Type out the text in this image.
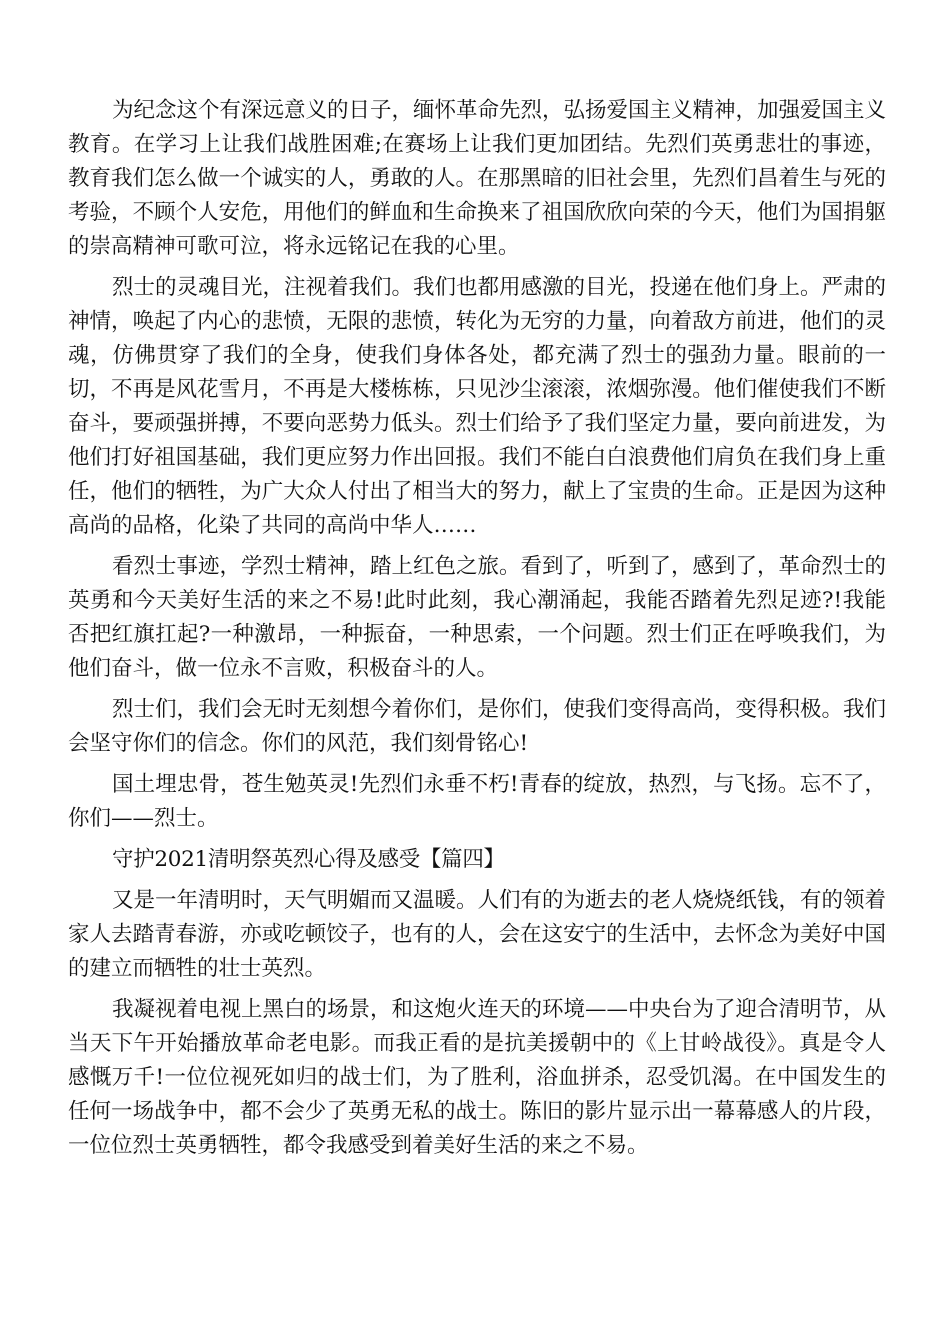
为纪念这个有深远意义的日子，缅怀革命先烈，弘扬爱国主义精神，加强爱国主义教育。在学习上让我们战胜困难;在赛场上让我们更加团结。先烈们英勇悲壮的事迹，教育我们怎么做一个诚实的人，勇敢的人。在那黑暗的旧社会里，先烈们昌着生与死的考验，不顾个人安危，用他们的鲜血和生命换来了祖国欣欣向荣的今天，他们为国捐躯的崇高精神可歌可泣，将永远铭记在我的心里。

烈士的灵魂目光，注视着我们。我们也都用感激的目光，投递在他们身上。严肃的神情，唤起了内心的悲愤，无限的悲愤，转化为无穷的力量，向着敌方前进，他们的灵魂，仿佛贯穿了我们的全身，使我们身体各处，都充满了烈士的强劲力量。眼前的一切，不再是风花雪月，不再是大楼栋栋，只见沙尘滚滚，浓烟弥漫。他们催使我们不断奋斗，要顽强拼搏，不要向恶势力低头。烈士们给予了我们坚定力量，要向前进发，为他们打好祖国基础，我们更应努力作出回报。我们不能白白浪费他们肩负在我们身上重任，他们的牺牲，为广大众人付出了相当大的努力，献上了宝贵的生命。正是因为这种高尚的品格，化染了共同的高尚中华人……

看烈士事迹，学烈士精神，踏上红色之旅。看到了，听到了，感到了，革命烈士的英勇和今天美好生活的来之不易!此时此刻，我心潮涌起，我能否踏着先烈足迹?!我能否把红旗扛起?一种激昂，一种振奋，一种思索，一个问题。烈士们正在呼唤我们，为他们奋斗，做一位永不言败，积极奋斗的人。

烈士们，我们会无时无刻想今着你们，是你们，使我们变得高尚，变得积极。我们会坚守你们的信念。你们的风范，我们刻骨铭心!

国土埋忠骨，苍生勉英灵!先烈们永垂不朽!青春的绽放，热烈，与飞扬。忘不了，你们——烈士。

守护2021清明祭英烈心得及感受【篇四】

又是一年清明时，天气明媚而又温暖。人们有的为逝去的老人烧烧纸钱，有的领着家人去踏青春游，亦或吃顿饺子，也有的人，会在这安宁的生活中，去怀念为美好中国的建立而牺牲的壮士英烈。

我凝视着电视上黑白的场景，和这炮火连天的环境——中央台为了迎合清明节，从当天下午开始播放革命老电影。而我正看的是抗美援朝中的《上甘岭战役》。真是令人感慨万千!一位位视死如归的战士们，为了胜利，浴血拼杀，忍受饥渴。在中国发生的任何一场战争中，都不会少了英勇无私的战士。陈旧的影片显示出一幕幕感人的片段，一位位烈士英勇牺牲，都令我感受到着美好生活的来之不易。
